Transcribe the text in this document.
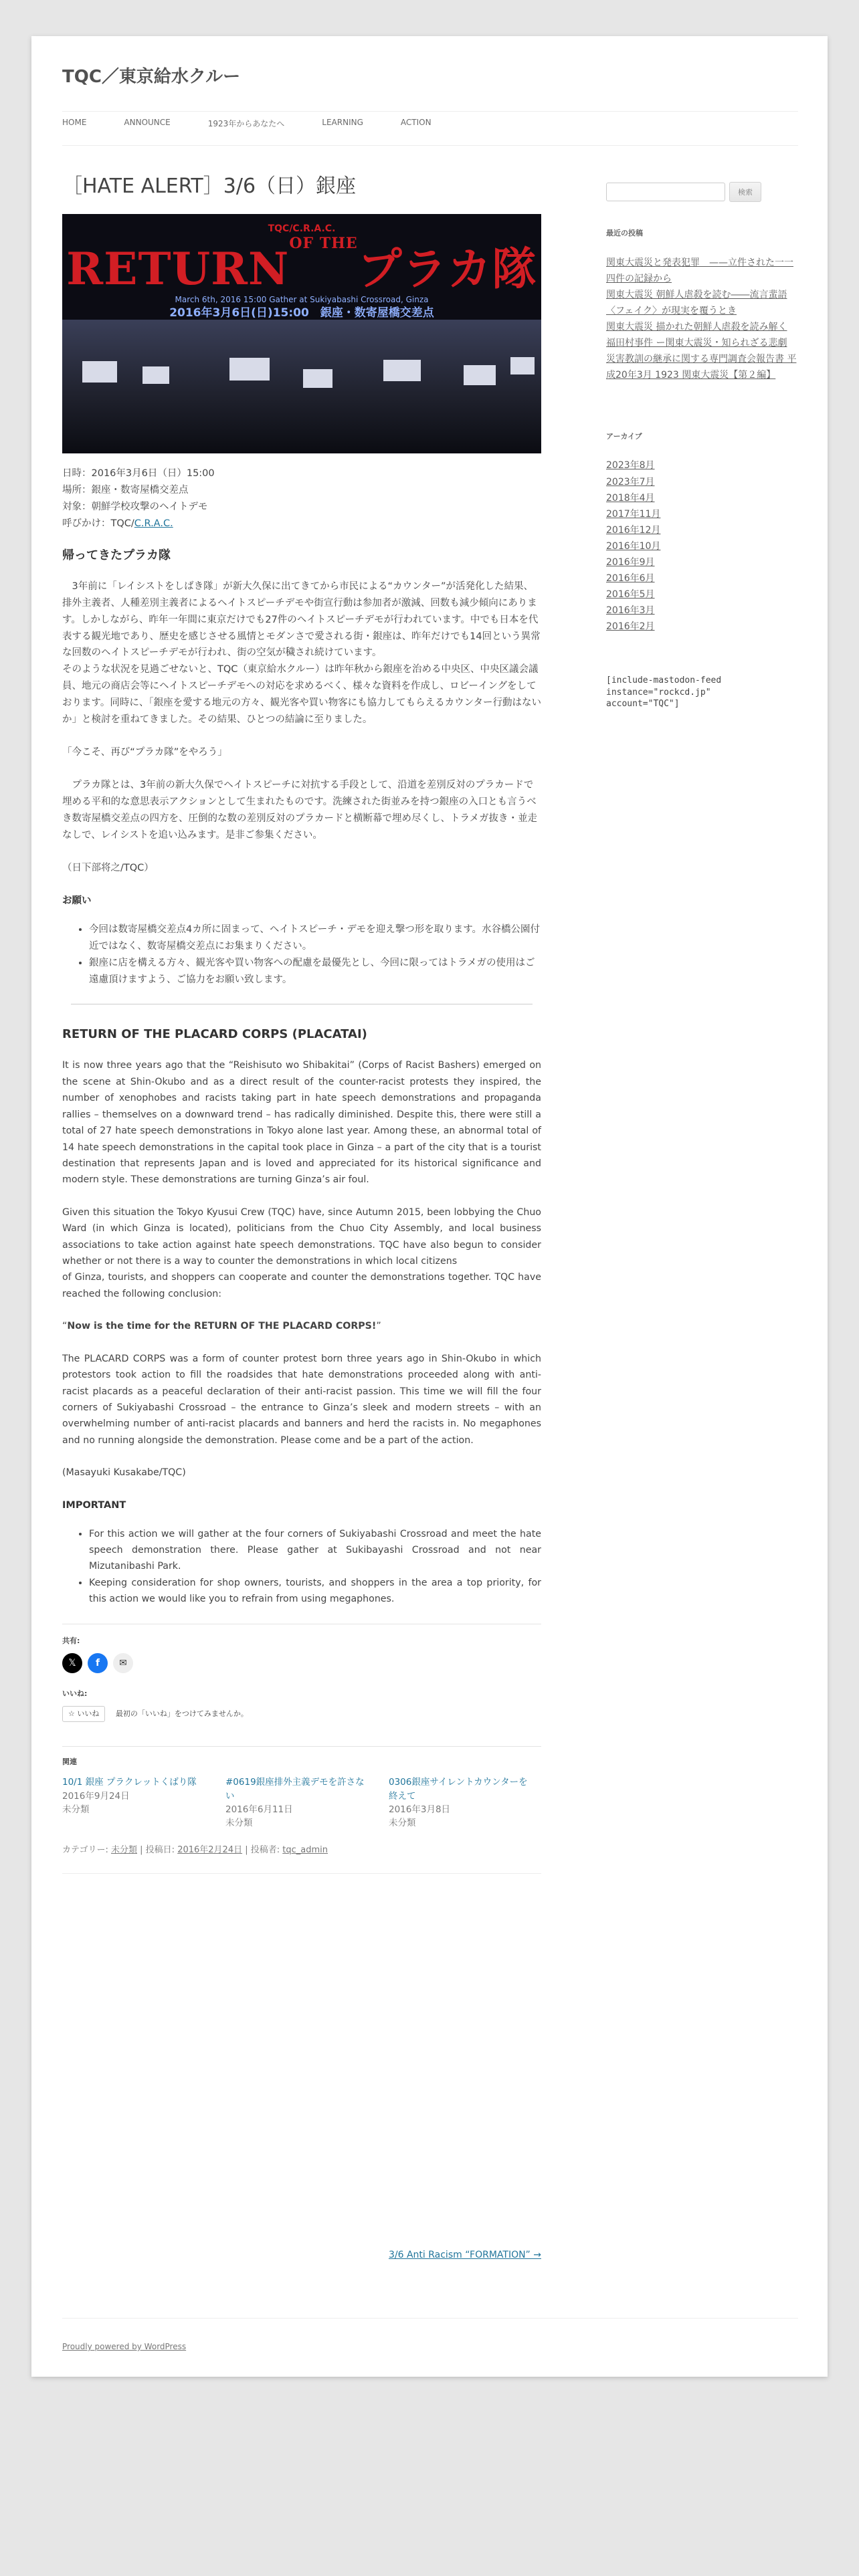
TQC／東京給水クルー
HOME	ANNOUNCE	1923年からあなたへ	LEARNING	ACTION
［HATE ALERT］3/6（日）銀座
TQC/C.R.A.C.
$RETURN^{OF THE}$プラカ隊
March 6th, 2016 15:00 Gather at Sukiyabashi Crossroad, Ginza
2016年3月6日(日)15:00　銀座・数寄屋橋交差点

日時：2016年3月6日（日）15:00

場所：銀座・数寄屋橋交差点

対象：朝鮮学校攻撃のヘイトデモ

呼びかけ：TQC/C.R.A.C.

帰ってきたプラカ隊

　3年前に「レイシストをしばき隊」が新大久保に出てきてから市民による“カウンター”が活発化した結果、排外主義者、人種差別主義者によるヘイトスピーチデモや街宣行動は参加者が激減、回数も減少傾向にあります。しかしながら、昨年一年間に東京だけでも27件のヘイトスピーチデモが行われています。中でも日本を代表する観光地であり、歴史を感じさせる風情とモダンさで愛される街・銀座は、昨年だけでも14回という異常な回数のヘイトスピーチデモが行われ、街の空気が穢され続けています。
そのような状況を見過ごせないと、TQC（東京給水クルー）は昨年秋から銀座を治める中央区、中央区議会議員、地元の商店会等にヘイトスピーチデモへの対応を求めるべく、様々な資料を作成し、ロビーイングをしております。同時に、「銀座を愛する地元の方々、観光客や買い物客にも協力してもらえるカウンター行動はないか」と検討を重ねてきました。その結果、ひとつの結論に至りました。

「今こそ、再び“プラカ隊”をやろう」

　プラカ隊とは、3年前の新大久保でヘイトスピーチに対抗する手段として、沿道を差別反対のプラカードで埋める平和的な意思表示アクションとして生まれたものです。洗練された街並みを持つ銀座の入口とも言うべき数寄屋橋交差点の四方を、圧倒的な数の差別反対のプラカードと横断幕で埋め尽くし、トラメガ抜き・並走なしで、レイシストを追い込みます。是非ご参集ください。

（日下部将之/TQC）

お願い
• 今回は数寄屋橋交差点4カ所に固まって、ヘイトスピーチ・デモを迎え撃つ形を取ります。水谷橋公園付近ではなく、数寄屋橋交差点にお集まりください。
• 銀座に店を構える方々、観光客や買い物客への配慮を最優先とし、今回に限ってはトラメガの使用はご遠慮頂けますよう、ご協力をお願い致します。
RETURN OF THE PLACARD CORPS (PLACATAI)

It is now three years ago that the “Reishisuto wo Shibakitai” (Corps of Racist Bashers) emerged on the scene at Shin-Okubo and as a direct result of the counter-racist protests they inspired, the number of xenophobes and racists taking part in hate speech demonstrations and propaganda rallies – themselves on a downward trend – has radically diminished. Despite this, there were still a total of 27 hate speech demonstrations in Tokyo alone last year. Among these, an abnormal total of 14 hate speech demonstrations in the capital took place in Ginza – a part of the city that is a tourist destination that represents Japan and is loved and appreciated for its historical significance and modern style. These demonstrations are turning Ginza’s air foul.

Given this situation the Tokyo Kyusui Crew (TQC) have, since Autumn 2015, been lobbying the Chuo Ward (in which Ginza is located), politicians from the Chuo City Assembly, and local business associations to take action against hate speech demonstrations. TQC have also begun to consider whether or not there is a way to counter the demonstrations in which local citizens
of Ginza, tourists, and shoppers can cooperate and counter the demonstrations together. TQC have reached the following conclusion:

“Now is the time for the RETURN OF THE PLACARD CORPS!”

The PLACARD CORPS was a form of counter protest born three years ago in Shin-Okubo in which protestors took action to fill the roadsides that hate demonstrations proceeded along with anti-racist placards as a peaceful declaration of their anti-racist passion. This time we will fill the four corners of Sukiyabashi Crossroad – the entrance to Ginza’s sleek and modern streets – with an overwhelming number of anti-racist placards and banners and herd the racists in. No megaphones and no running alongside the demonstration. Please come and be a part of the action.

(Masayuki Kusakabe/TQC)

IMPORTANT
• For this action we will gather at the four corners of Sukiyabashi Crossroad and meet the hate speech demonstration there. Please gather at Sukibayashi Crossroad and not near Mizutanibashi Park.
• Keeping consideration for shop owners, tourists, and shoppers in the area a top priority, for this action we would like you to refrain from using megaphones.
共有:
𝕏	f	✉
いいね:
☆ いいね 最初の「いいね」をつけてみませんか。
関連
10/1 銀座 プラクレットくばり隊
2016年9月24日
未分類
#0619銀座排外主義デモを許さない
2016年6月11日
未分類
0306銀座サイレントカウンターを終えて
2016年3月8日
未分類
カテゴリー: 未分類 | 投稿日: 2016年2月24日 | 投稿者: tqc_admin
3/6 Anti Racism “FORMATION” →
検索
最近の投稿
関東大震災と発表犯罪　——立件された一一四件の記録から
関東大震災 朝鮮人虐殺を読む――流言蜚語〈フェイク〉が現実を覆うとき
関東大震災 描かれた朝鮮人虐殺を読み解く
福田村事件 ー関東大震災・知られざる悲劇
災害教訓の継承に関する専門調査会報告書 平成20年3月 1923 関東大震災【第２編】
アーカイブ
2023年8月
2023年7月
2018年4月
2017年11月
2016年12月
2016年10月
2016年9月
2016年6月
2016年5月
2016年3月
2016年2月
[include-mastodon-feed instance="rockcd.jp" account="TQC"]
Proudly powered by WordPress
